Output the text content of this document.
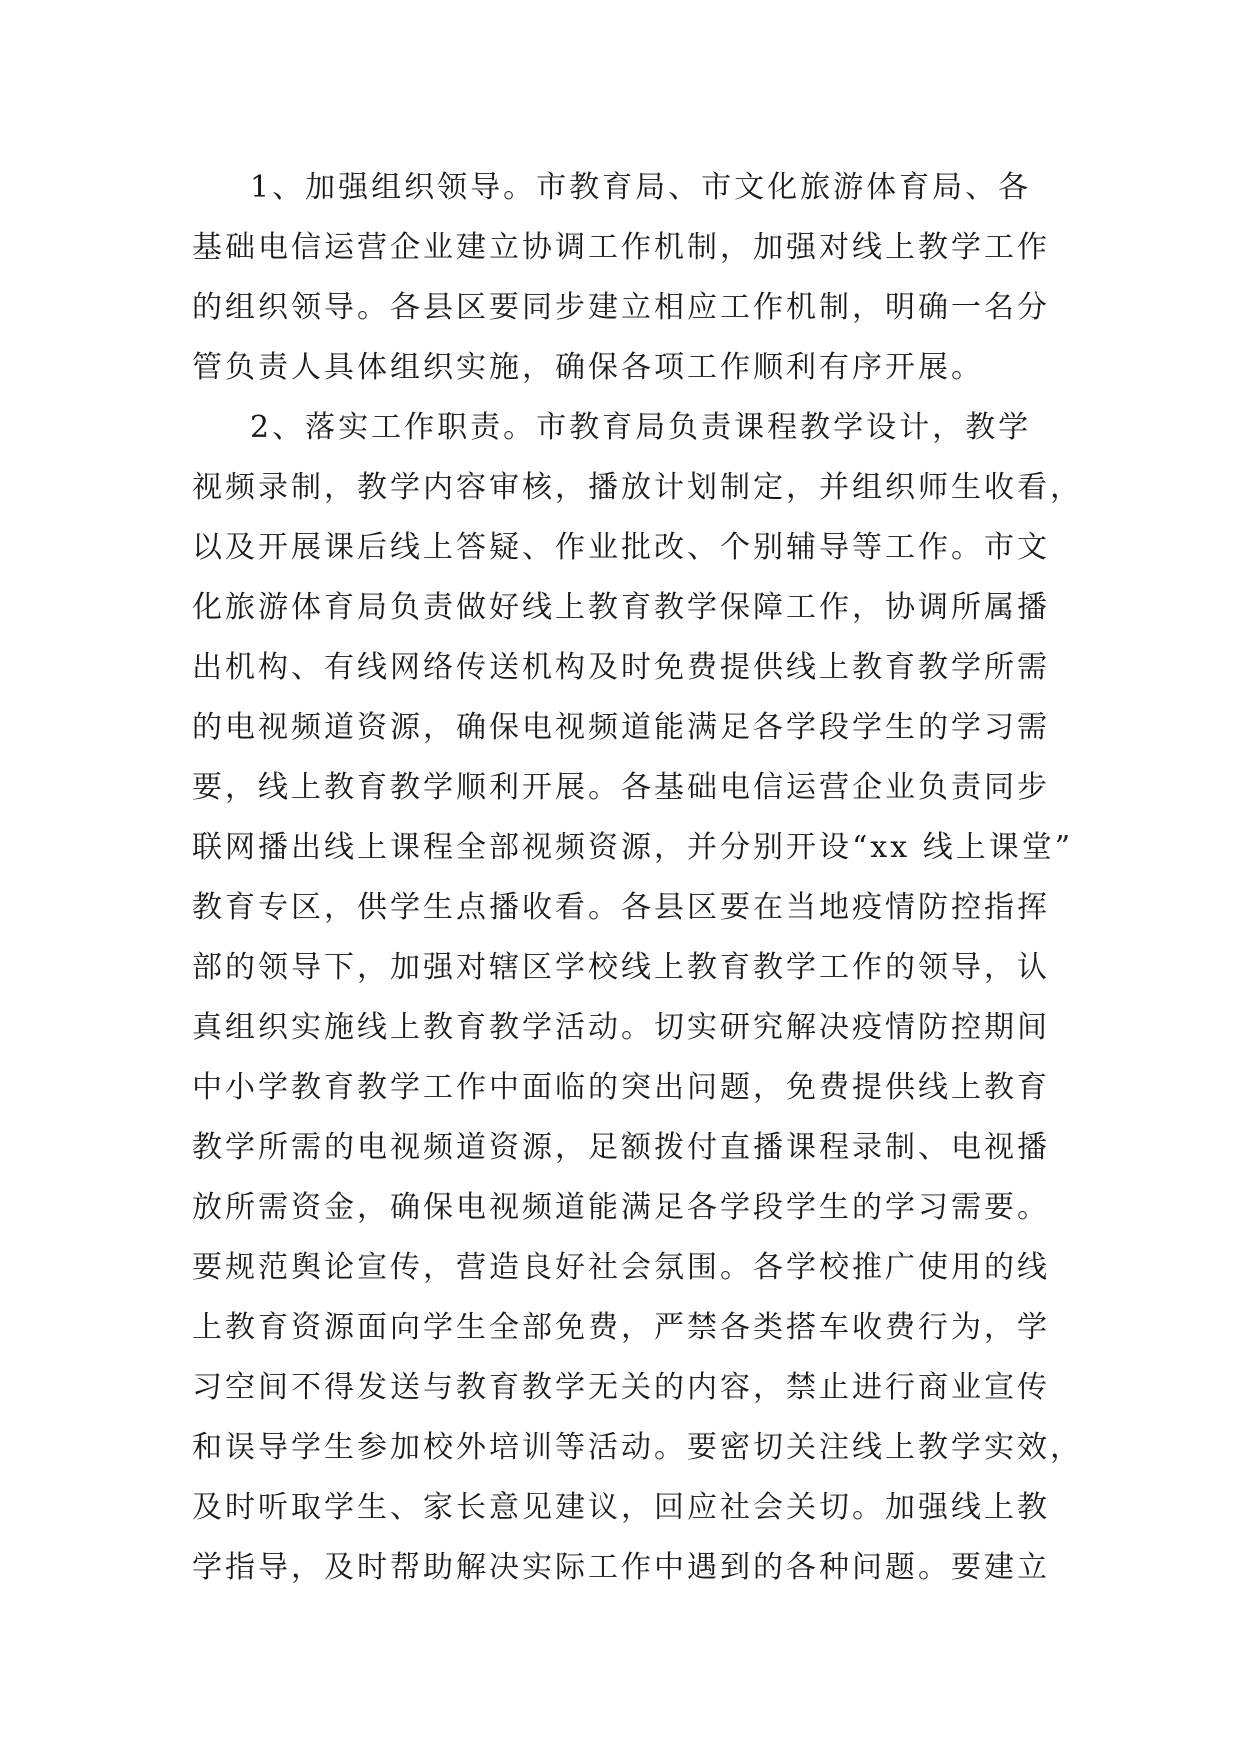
1、加强组织领导。市教育局、市文化旅游体育局、各
基础电信运营企业建立协调工作机制，加强对线上教学工作
的组织领导。各县区要同步建立相应工作机制，明确一名分
管负责人具体组织实施，确保各项工作顺利有序开展。
2、落实工作职责。市教育局负责课程教学设计，教学
视频录制，教学内容审核，播放计划制定，并组织师生收看，
以及开展课后线上答疑、作业批改、个别辅导等工作。市文
化旅游体育局负责做好线上教育教学保障工作，协调所属播
出机构、有线网络传送机构及时免费提供线上教育教学所需
的电视频道资源，确保电视频道能满足各学段学生的学习需
要，线上教育教学顺利开展。各基础电信运营企业负责同步
联网播出线上课程全部视频资源，并分别开设“xx 线上课堂”
教育专区，供学生点播收看。各县区要在当地疫情防控指挥
部的领导下，加强对辖区学校线上教育教学工作的领导，认
真组织实施线上教育教学活动。切实研究解决疫情防控期间
中小学教育教学工作中面临的突出问题，免费提供线上教育
教学所需的电视频道资源，足额拨付直播课程录制、电视播
放所需资金，确保电视频道能满足各学段学生的学习需要。
要规范舆论宣传，营造良好社会氛围。各学校推广使用的线
上教育资源面向学生全部免费，严禁各类搭车收费行为，学
习空间不得发送与教育教学无关的内容，禁止进行商业宣传
和误导学生参加校外培训等活动。要密切关注线上教学实效，
及时听取学生、家长意见建议，回应社会关切。加强线上教
学指导，及时帮助解决实际工作中遇到的各种问题。要建立
